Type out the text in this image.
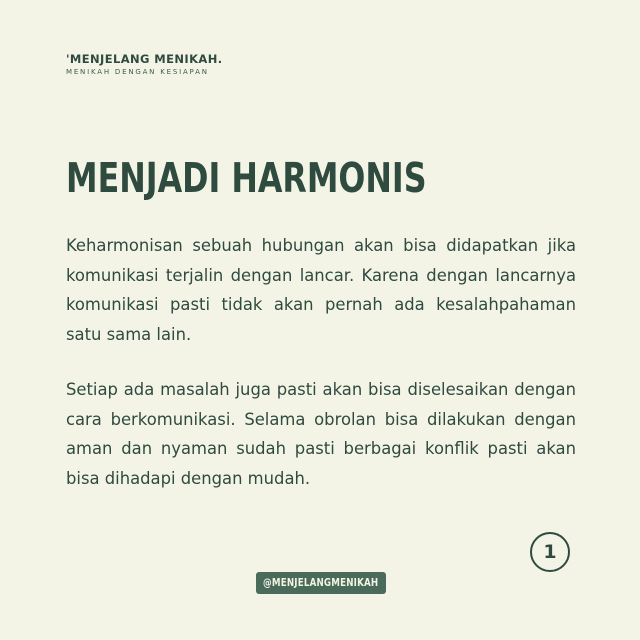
'MENJELANG MENIKAH.
MENIKAH DENGAN KESIAPAN
MENJADI HARMONIS

Keharmonisan sebuah hubungan akan bisa didapatkan jika komunikasi terjalin dengan lancar. Karena dengan lancarnya komunikasi pasti tidak akan pernah ada kesalahpahaman satu sama lain.

Setiap ada masalah juga pasti akan bisa diselesaikan dengan cara berkomunikasi. Selama obrolan bisa dilakukan dengan aman dan nyaman sudah pasti berbagai konflik pasti akan bisa dihadapi dengan mudah.

1
@MENJELANGMENIKAH
